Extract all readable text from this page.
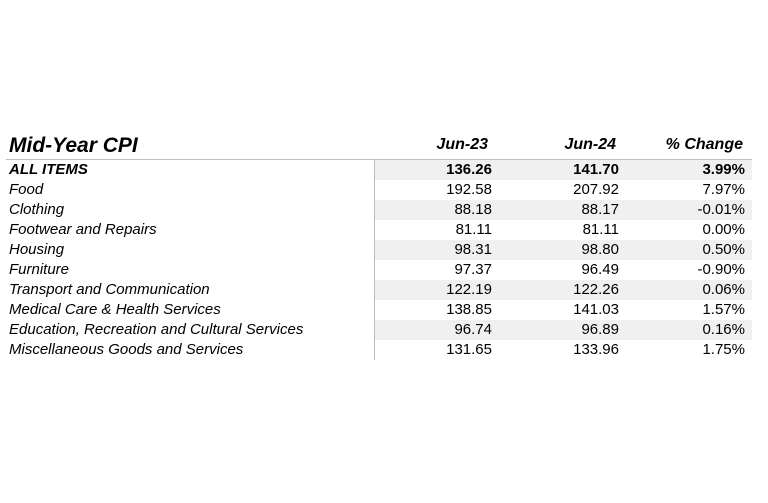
Mid-Year CPI	Jun-23	Jun-24	% Change
ALL ITEMS	136.26	141.70	3.99%
Food	192.58	207.92	7.97%
Clothing	88.18	88.17	-0.01%
Footwear and Repairs	81.11	81.11	0.00%
Housing	98.31	98.80	0.50%
Furniture	97.37	96.49	-0.90%
Transport and Communication	122.19	122.26	0.06%
Medical Care & Health Services	138.85	141.03	1.57%
Education, Recreation and Cultural Services	96.74	96.89	0.16%
Miscellaneous Goods and Services	131.65	133.96	1.75%
